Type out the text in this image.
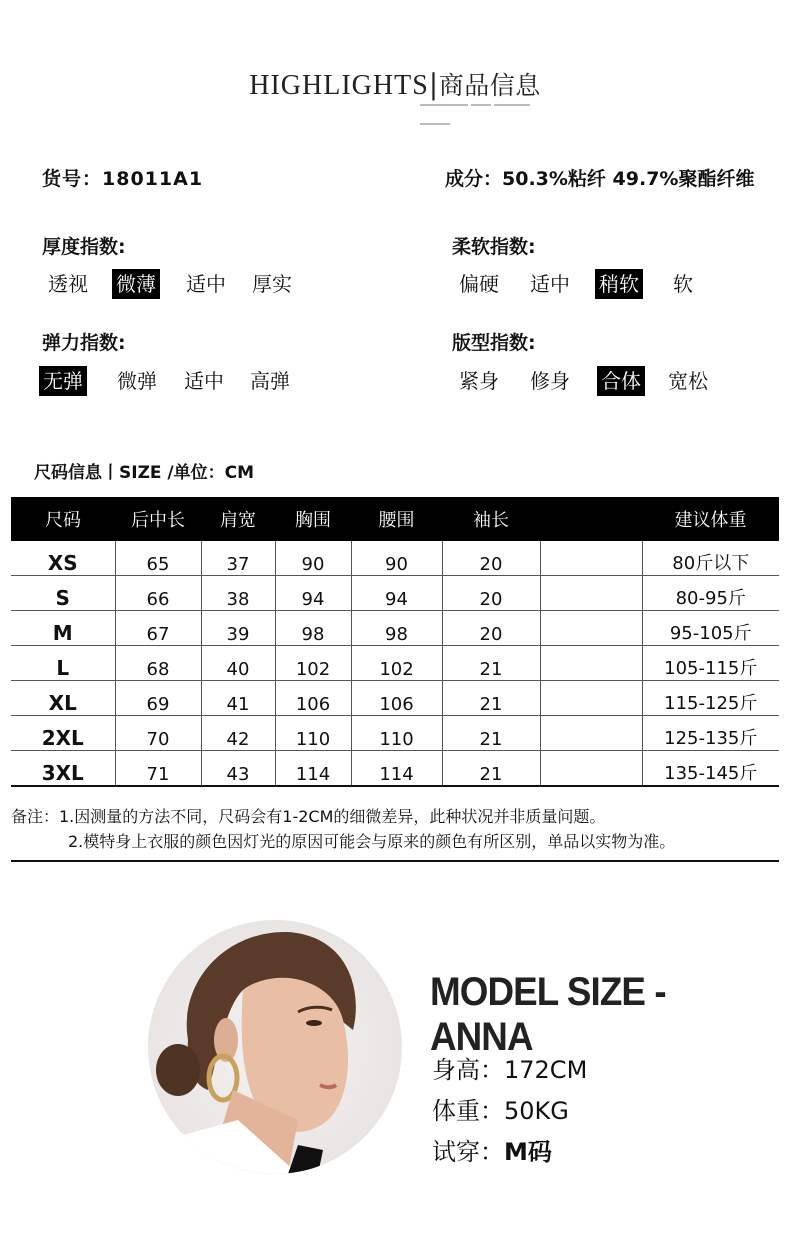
HIGHLIGHTS|商品信息
货号：18011A1	成分：50.3%粘纤 49.7%聚酯纤维
厚度指数:
透视 微薄 适中 厚实
柔软指数:
偏硬 适中 稍软 软
弹力指数:
无弹 微弹 适中 高弹
版型指数:
紧身 修身 合体 宽松
尺码信息丨SIZE /单位：CM
尺码	后中长	肩宽	胸围	腰围	袖长		建议体重
XS	65	37	90	90	20		80斤以下
S	66	38	94	94	20		80-95斤
M	67	39	98	98	20		95-105斤
L	68	40	102	102	21		105-115斤
XL	69	41	106	106	21		115-125斤
2XL	70	42	110	110	21		125-135斤
3XL	71	43	114	114	21		135-145斤
备注：1.因测量的方法不同，尺码会有1-2CM的细微差异，此种状况并非质量问题。
2.模特身上衣服的颜色因灯光的原因可能会与原来的颜色有所区别，单品以实物为准。
MODEL SIZE - ANNA
身高：172CM
体重：50KG
试穿：M码
